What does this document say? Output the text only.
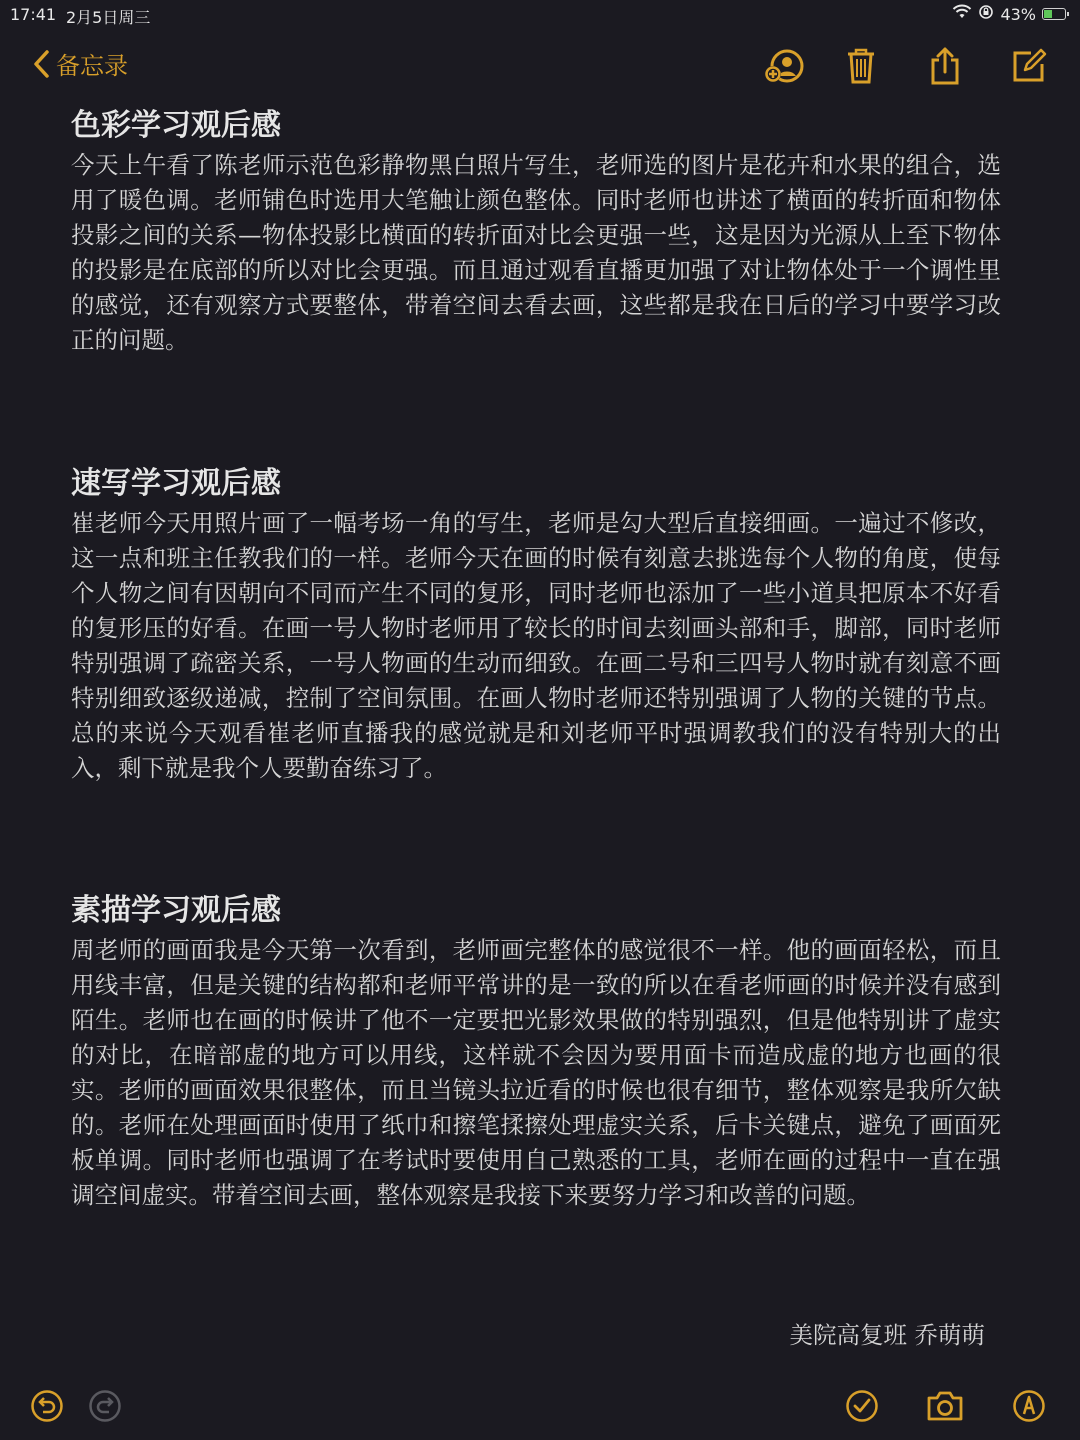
17:41 2月5日周三	43%
备忘录
色彩学习观后感

今天上午看了陈老师示范色彩静物黑白照片写生，老师选的图片是花卉和水果的组合，选用了暖色调。老师铺色时选用大笔触让颜色整体。同时老师也讲述了横面的转折面和物体投影之间的关系—物体投影比横面的转折面对比会更强一些，这是因为光源从上至下物体的投影是在底部的所以对比会更强。而且通过观看直播更加强了对让物体处于一个调性里的感觉，还有观察方式要整体，带着空间去看去画，这些都是我在日后的学习中要学习改正的问题。

速写学习观后感

崔老师今天用照片画了一幅考场一角的写生，老师是勾大型后直接细画。一遍过不修改，这一点和班主任教我们的一样。老师今天在画的时候有刻意去挑选每个人物的角度，使每个人物之间有因朝向不同而产生不同的复形，同时老师也添加了一些小道具把原本不好看的复形压的好看。在画一号人物时老师用了较长的时间去刻画头部和手，脚部，同时老师特别强调了疏密关系，一号人物画的生动而细致。在画二号和三四号人物时就有刻意不画特别细致逐级递减，控制了空间氛围。在画人物时老师还特别强调了人物的关键的节点。总的来说今天观看崔老师直播我的感觉就是和刘老师平时强调教我们的没有特别大的出入，剩下就是我个人要勤奋练习了。

素描学习观后感

周老师的画面我是今天第一次看到，老师画完整体的感觉很不一样。他的画面轻松，而且用线丰富，但是关键的结构都和老师平常讲的是一致的所以在看老师画的时候并没有感到陌生。老师也在画的时候讲了他不一定要把光影效果做的特别强烈，但是他特别讲了虚实的对比，在暗部虚的地方可以用线，这样就不会因为要用面卡而造成虚的地方也画的很实。老师的画面效果很整体，而且当镜头拉近看的时候也很有细节，整体观察是我所欠缺的。老师在处理画面时使用了纸巾和擦笔揉擦处理虚实关系，后卡关键点，避免了画面死板单调。同时老师也强调了在考试时要使用自己熟悉的工具，老师在画的过程中一直在强调空间虚实。带着空间去画，整体观察是我接下来要努力学习和改善的问题。

美院高复班 乔萌萌
